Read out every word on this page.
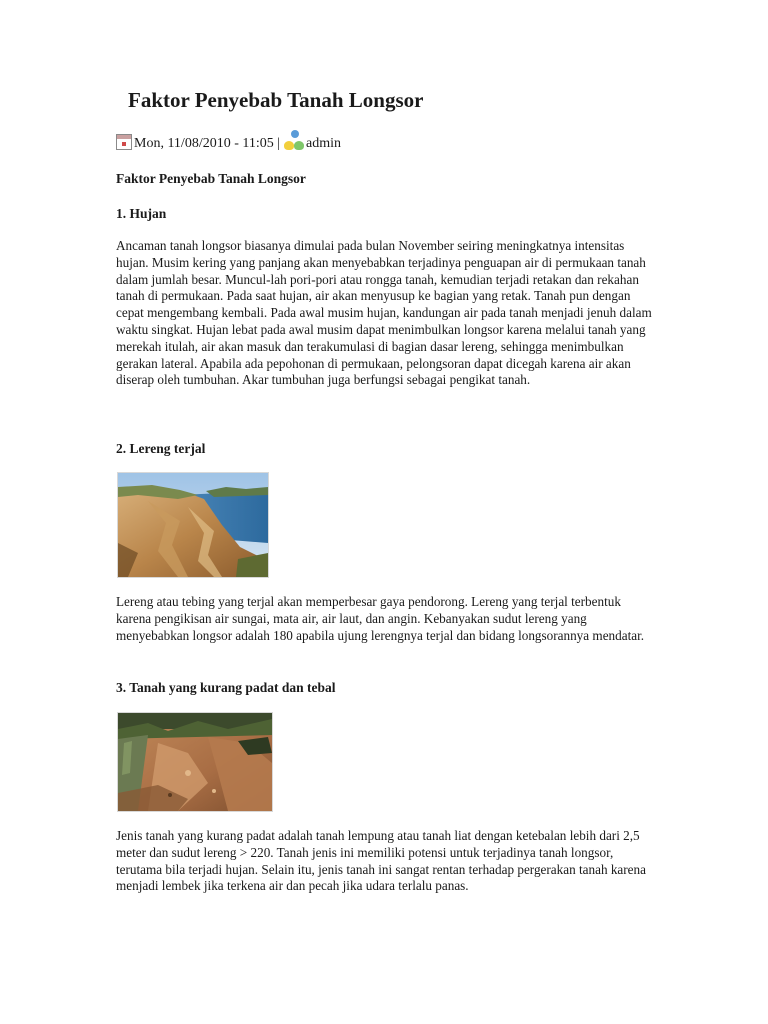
Faktor Penyebab Tanah Longsor
Mon, 11/08/2010 - 11:05 | admin

Faktor Penyebab Tanah Longsor

1. Hujan

Ancaman tanah longsor biasanya dimulai pada bulan November seiring meningkatnya intensitas hujan. Musim kering yang panjang akan menyebabkan terjadinya penguapan air di permukaan tanah dalam jumlah besar. Muncul-lah pori-pori atau rongga tanah, kemudian terjadi retakan dan rekahan tanah di permukaan. Pada saat hujan, air akan menyusup ke bagian yang retak. Tanah pun dengan cepat mengembang kembali. Pada awal musim hujan, kandungan air pada tanah menjadi jenuh dalam waktu singkat. Hujan lebat pada awal musim dapat menimbulkan longsor karena melalui tanah yang merekah itulah, air akan masuk dan terakumulasi di bagian dasar lereng, sehingga menimbulkan gerakan lateral. Apabila ada pepohonan di permukaan, pelongsoran dapat dicegah karena air akan diserap oleh tumbuhan. Akar tumbuhan juga berfungsi sebagai pengikat tanah.

2. Lereng terjal

Lereng atau tebing yang terjal akan memperbesar gaya pendorong. Lereng yang terjal terbentuk karena pengikisan air sungai, mata air, air laut, dan angin. Kebanyakan sudut lereng yang menyebabkan longsor adalah 180 apabila ujung lerengnya terjal dan bidang longsorannya mendatar.

3. Tanah yang kurang padat dan tebal

Jenis tanah yang kurang padat adalah tanah lempung atau tanah liat dengan ketebalan lebih dari 2,5 meter dan sudut lereng > 220. Tanah jenis ini memiliki potensi untuk terjadinya tanah longsor, terutama bila terjadi hujan. Selain itu, jenis tanah ini sangat rentan terhadap pergerakan tanah karena menjadi lembek jika terkena air dan pecah jika udara terlalu panas.
